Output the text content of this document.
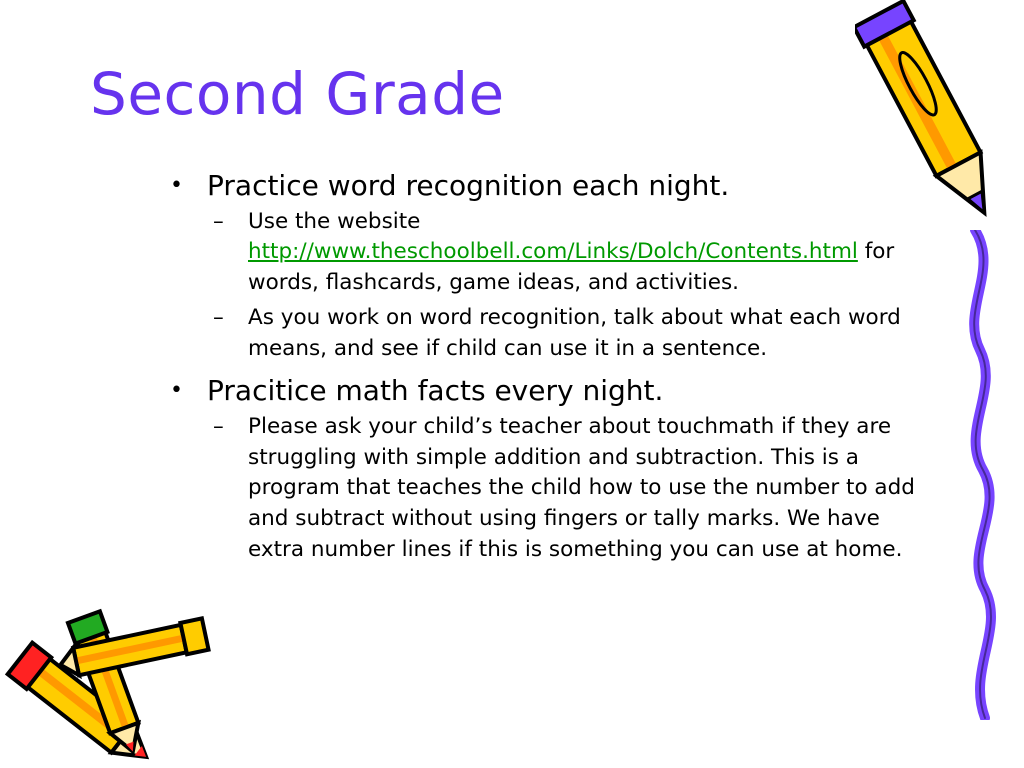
Second Grade
• Practice word recognition each night.
–	Use the website
http://www.theschoolbell.com/Links/Dolch/Contents.html for words, flashcards, game ideas, and activities.
–	As you work on word recognition, talk about what each word means, and see if child can use it in a sentence.
• Pracitice math facts every night.
–	Please ask your child’s teacher about touchmath if they are struggling with simple addition and subtraction. This is a program that teaches the child how to use the number to add and subtract without using fingers or tally marks. We have extra number lines if this is something you can use at home.
